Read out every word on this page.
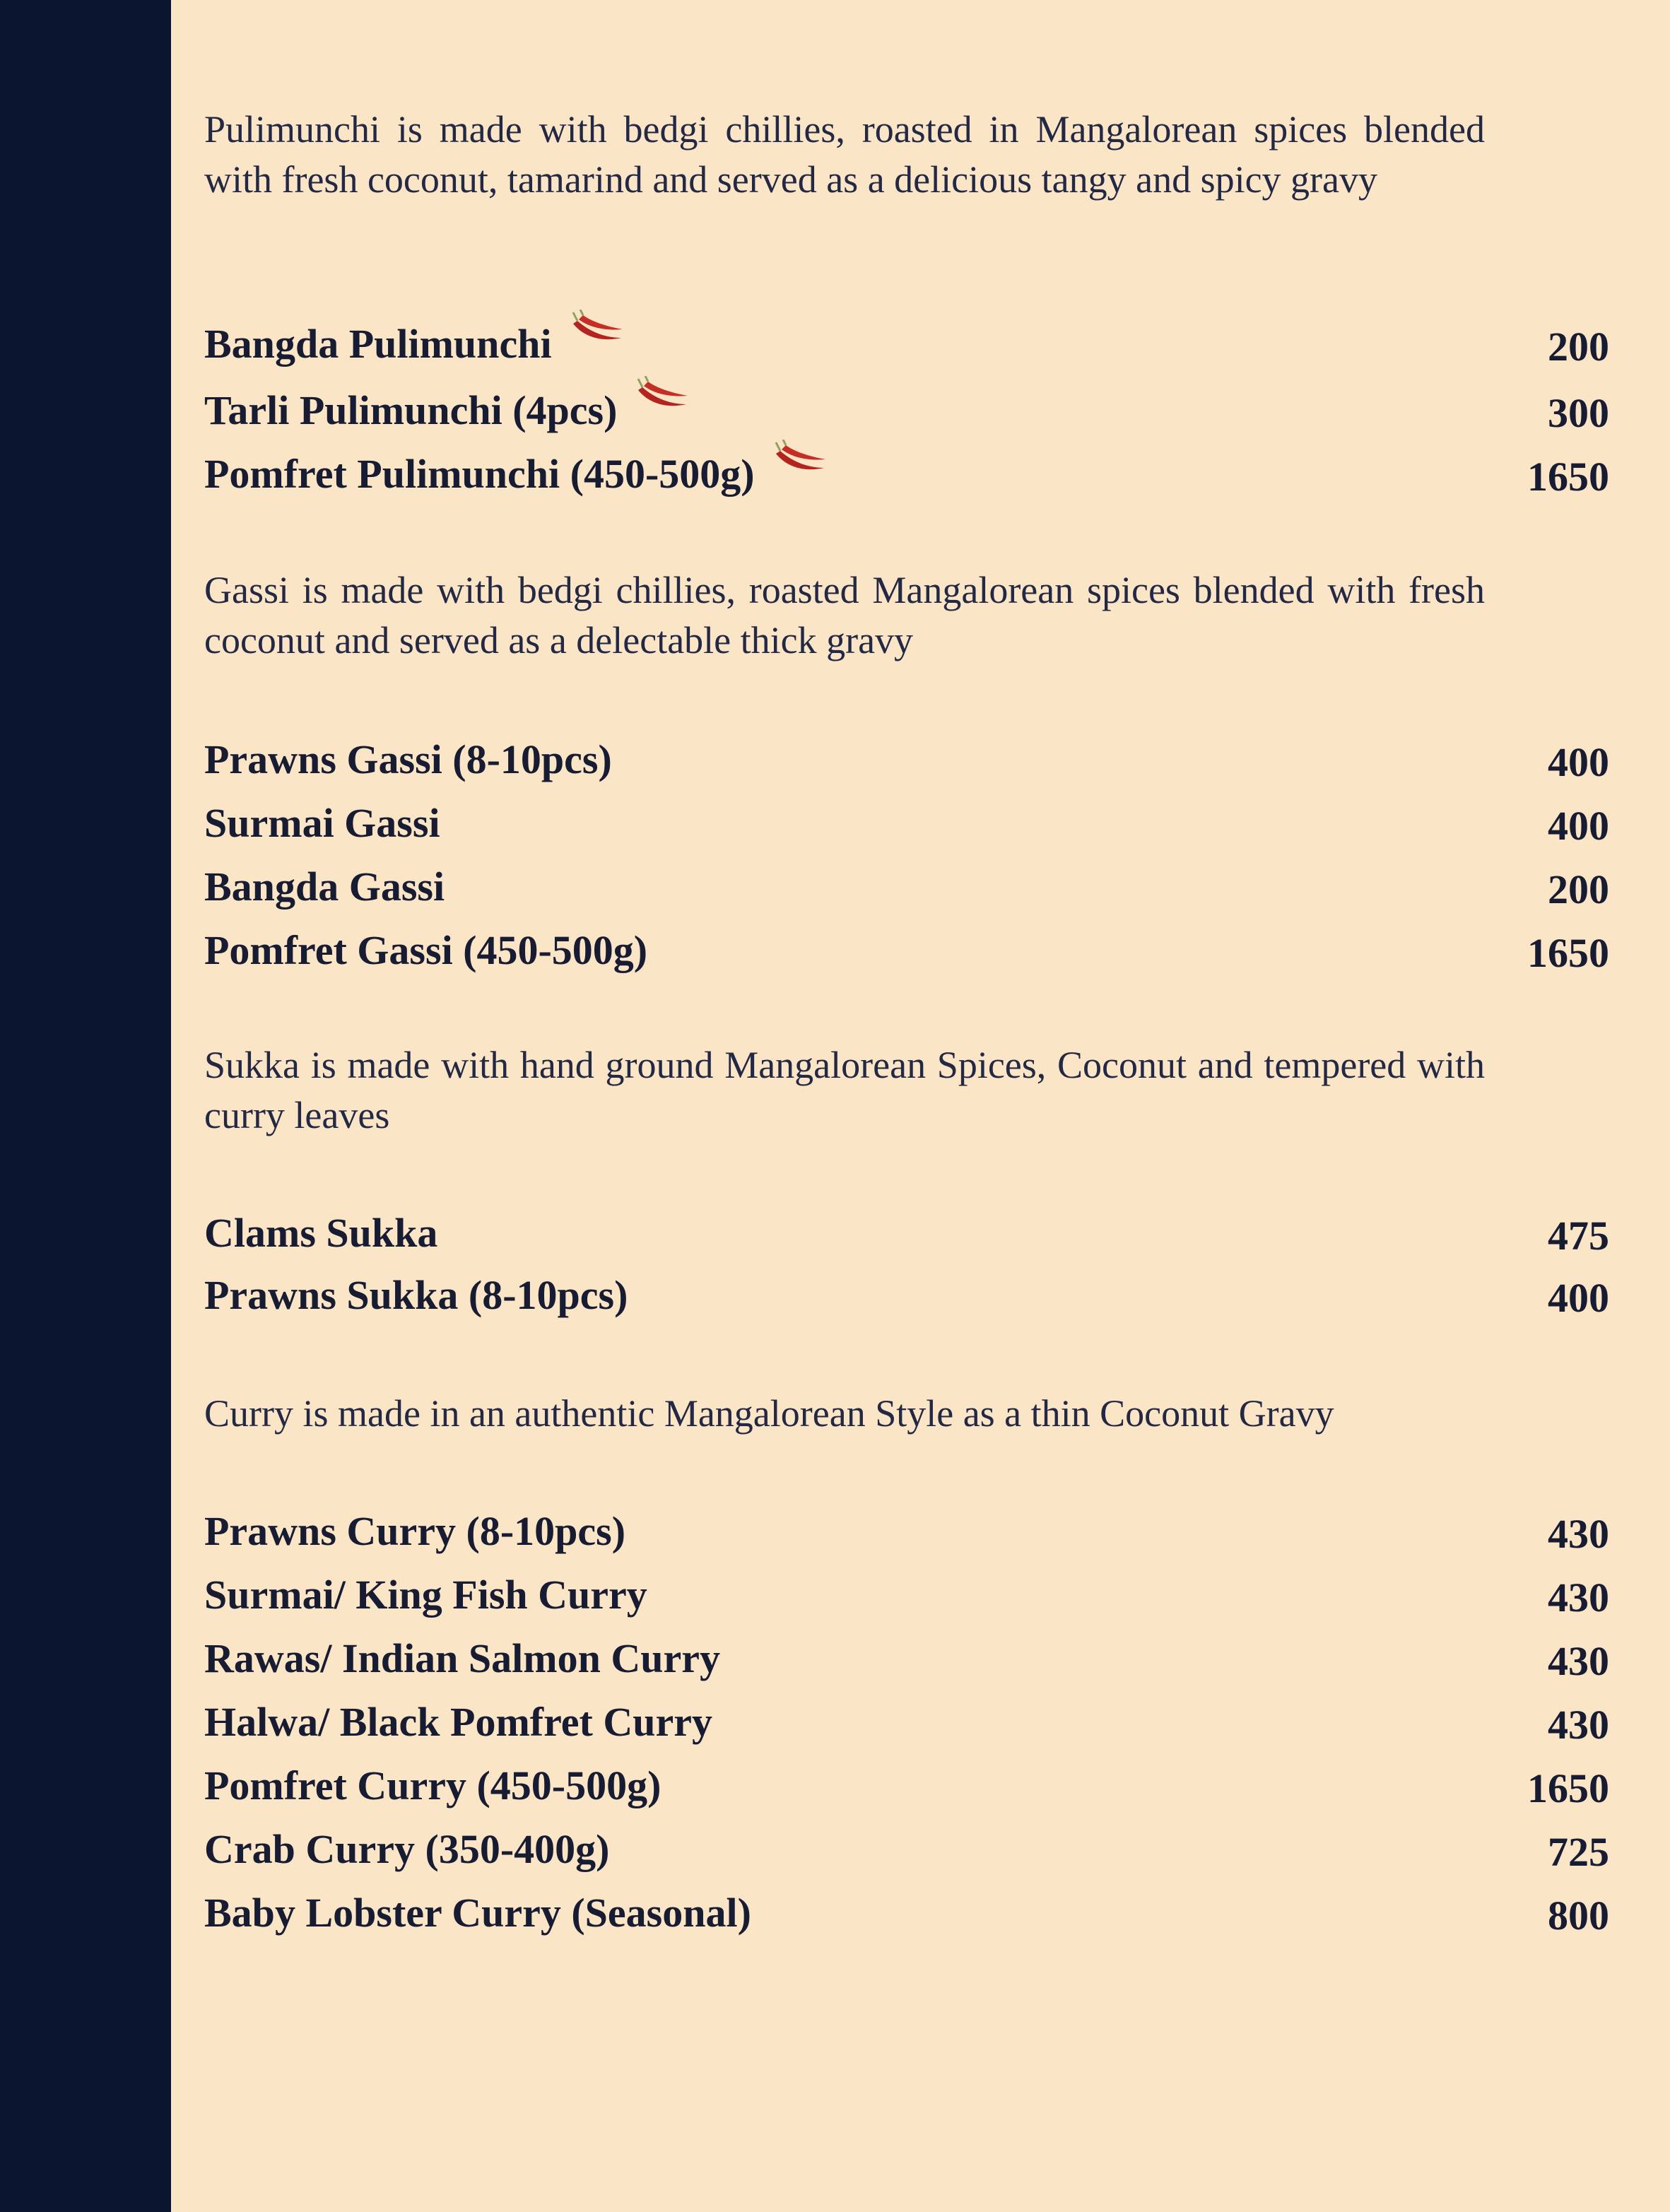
Pulimunchi is made with bedgi chillies, roasted in Mangalorean spices blended with fresh coconut, tamarind and served as a delicious tangy and spicy gravy

Bangda Pulimunchi	200
Tarli Pulimunchi (4pcs)	300
Pomfret Pulimunchi (450-500g)	1650

Gassi is made with bedgi chillies, roasted Mangalorean spices blended with fresh coconut and served as a delectable thick gravy

Prawns Gassi (8-10pcs)	400
Surmai Gassi	400
Bangda Gassi	200
Pomfret Gassi (450-500g)	1650

Sukka is made with hand ground Mangalorean Spices, Coconut and tempered with curry leaves

Clams Sukka	475
Prawns Sukka (8-10pcs)	400

Curry is made in an authentic Mangalorean Style as a thin Coconut Gravy

Prawns Curry (8-10pcs)	430
Surmai/ King Fish Curry	430
Rawas/ Indian Salmon Curry	430
Halwa/ Black Pomfret Curry	430
Pomfret Curry (450-500g)	1650
Crab Curry (350-400g)	725
Baby Lobster Curry (Seasonal)	800
